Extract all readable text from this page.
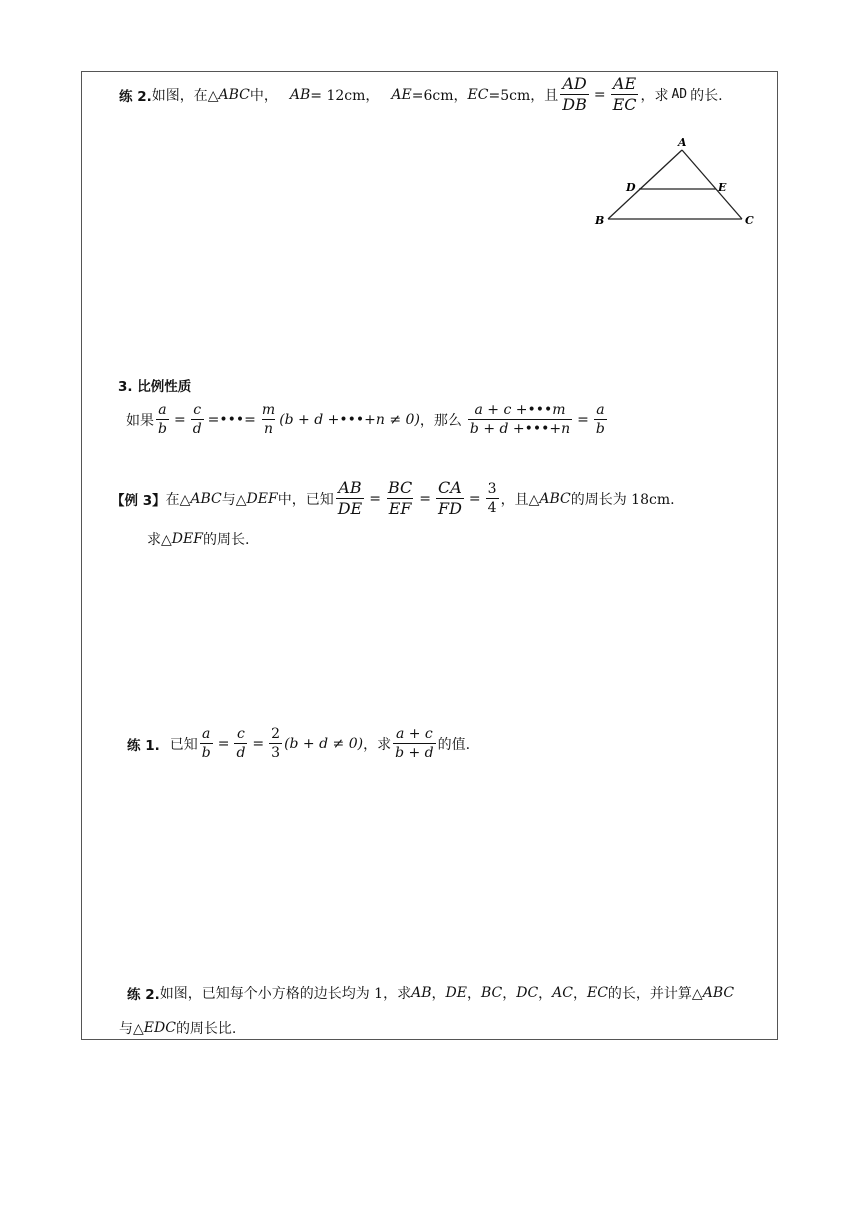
练 2. 如图，在△ ABC 中， AB = 12cm， AE =6cm， EC =5cm，且 $\frac{AD}{DB} = \frac{AE}{EC}$ ，求 AD 的长.
A
B	C
D	E
3. 比例性质
如果 $\frac{a}{b} = \frac{c}{d}$ =•••= $\frac{m}{n} (b + d$ +•••+n ≠ 0) ，那么 $\frac{a + c +•••m}{b + d +•••+n} = \frac{a}{b}$
【例 3】 在△ ABC 与△ DEF 中，已知 $\frac{AB}{DE} = \frac{BC}{EF} = \frac{CA}{FD} = \frac{3}{4}$ ，且△ ABC 的周长为 18cm.
求△ DEF 的周长.
练 1. 已知 $\frac{a}{b} = \frac{c}{d} = \frac{2}{3} (b + d \ne 0)$ ，求 $\frac{a + c}{b + d}$ 的值.
练 2. 如图，已知每个小方格的边长均为 1，求 AB ， DE ， BC ， DC ， AC ， EC 的长，并计算△ ABC
与△ EDC 的周长比.
